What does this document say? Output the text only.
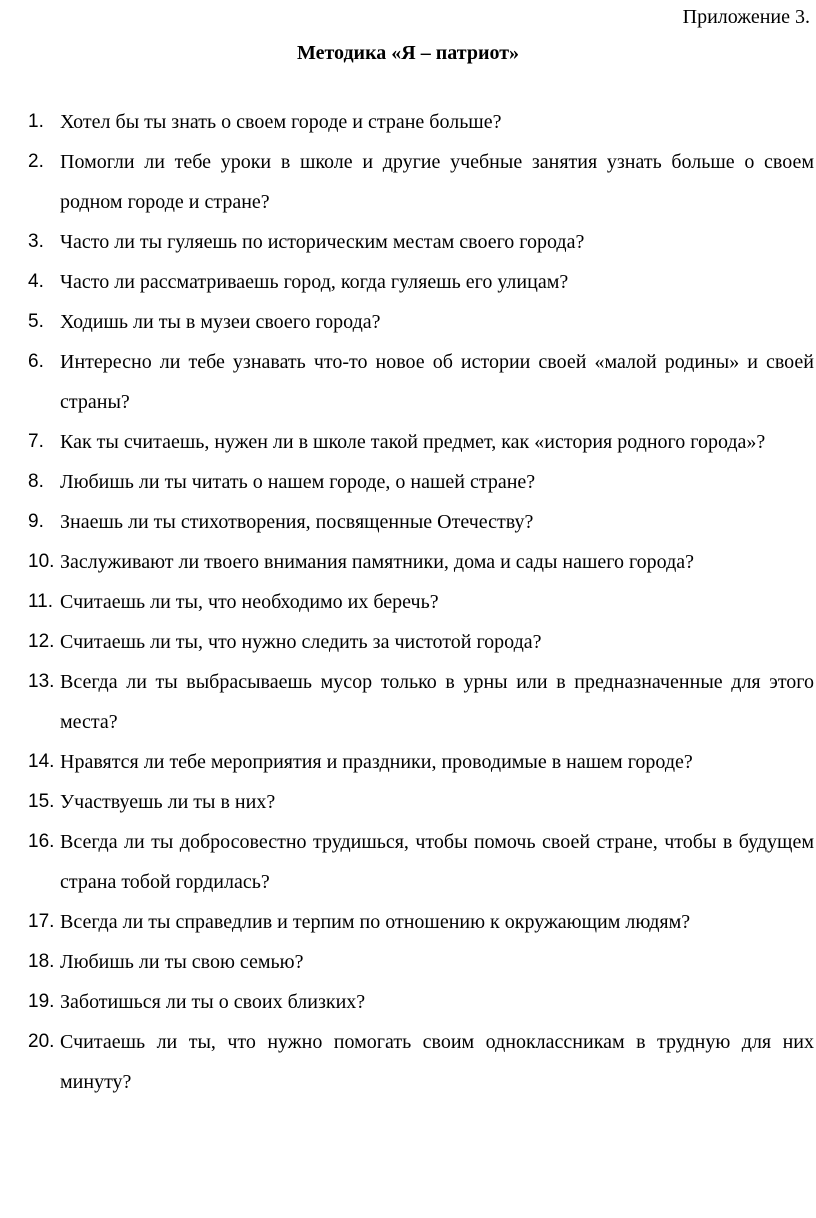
Приложение 3.
Методика «Я – патриот»
1. Хотел бы ты знать о своем городе и стране больше?
2. Помогли ли тебе уроки в школе и другие учебные занятия узнать больше о своем родном городе и стране?
3. Часто ли ты гуляешь по историческим местам своего города?
4. Часто ли рассматриваешь город, когда гуляешь его улицам?
5. Ходишь ли ты в музеи своего города?
6. Интересно ли тебе узнавать что-то новое об истории своей «малой родины» и своей страны?
7. Как ты считаешь, нужен ли в школе такой предмет, как «история родного города»?
8. Любишь ли ты читать о нашем городе, о нашей стране?
9. Знаешь ли ты стихотворения, посвященные Отечеству?
10. Заслуживают ли твоего внимания памятники, дома и сады нашего города?
11. Считаешь ли ты, что необходимо их беречь?
12. Считаешь ли ты, что нужно следить за чистотой города?
13. Всегда ли ты выбрасываешь мусор только в урны или в предназначенные для этого места?
14. Нравятся ли тебе мероприятия и праздники, проводимые в нашем городе?
15. Участвуешь ли ты в них?
16. Всегда ли ты добросовестно трудишься, чтобы помочь своей стране, чтобы в будущем страна тобой гордилась?
17. Всегда ли ты справедлив и терпим по отношению к окружающим людям?
18. Любишь ли ты свою семью?
19. Заботишься ли ты о своих близких?
20. Считаешь ли ты, что нужно помогать своим одноклассникам в трудную для них минуту?
